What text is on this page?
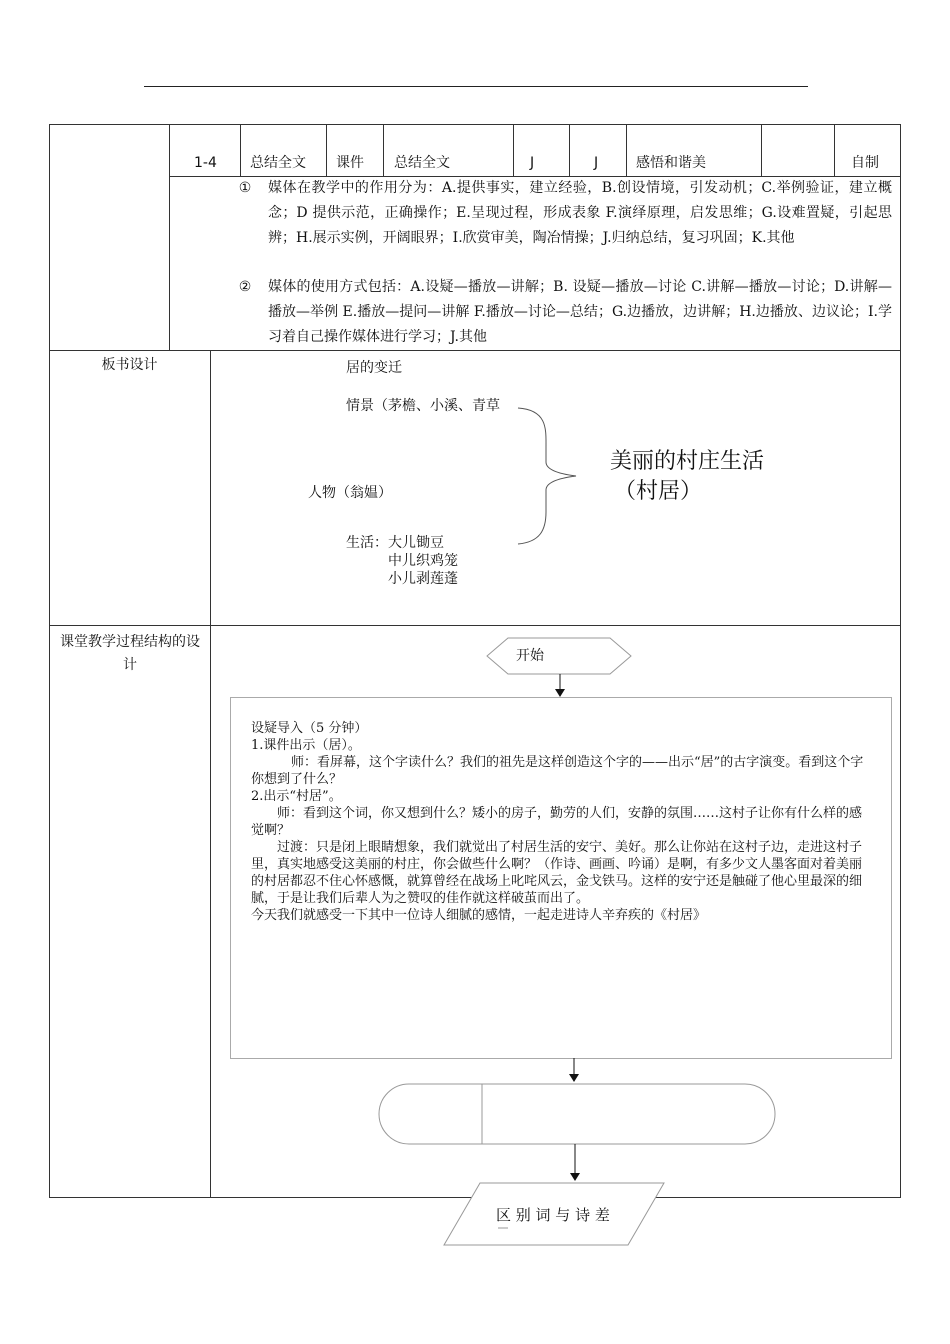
1-4 总结全文 课件 总结全文	J	J	感悟和谐美	自制
① 媒体在教学中的作用分为：A.提供事实，建立经验，B.创设情境，引发动机；C.举例验证，建立概念；D 提供示范，正确操作；E.呈现过程，形成表象 F.演绎原理，启发思维；G.设难置疑，引起思辨；H.展示实例，开阔眼界；I.欣赏审美，陶冶情操；J.归纳总结，复习巩固；K.其他
② 媒体的使用方式包括：A.设疑—播放—讲解；B. 设疑—播放—讨论 C.讲解—播放—讨论；D.讲解—播放—举例 E.播放—提问—讲解 F.播放—讨论—总结；G.边播放，边讲解；H.边播放、边议论；I.学习着自己操作媒体进行学习；J.其他
板书设计	居的变迁
情景（茅檐、小溪、青草
人物（翁媪）
生活：大儿锄豆
中儿织鸡笼
小儿剥莲蓬
美丽的村庄生活
（村居）
课堂教学过程结构的设计

设疑导入（5 分钟）

1.课件出示（居）。

师：看屏幕，这个字读什么？我们的祖先是这样创造这个字的——出示“居”的古字演变。看到这个字你想到了什么？

2.出示“村居”。

师：看到这个词，你又想到什么？矮小的房子，勤劳的人们，安静的氛围……这村子让你有什么样的感觉啊？

过渡：只是闭上眼睛想象，我们就觉出了村居生活的安宁、美好。那么让你站在这村子边，走进这村子里，真实地感受这美丽的村庄，你会做些什么啊？（作诗、画画、吟诵）是啊，有多少文人墨客面对着美丽的村居都忍不住心怀感慨，就算曾经在战场上叱咤风云，金戈铁马。这样的安宁还是触碰了他心里最深的细腻，于是让我们后辈人为之赞叹的佳作就这样破茧而出了。

今天我们就感受一下其中一位诗人细腻的感情，一起走进诗人辛弃疾的《村居》

开始
区 别 词 与 诗 差
